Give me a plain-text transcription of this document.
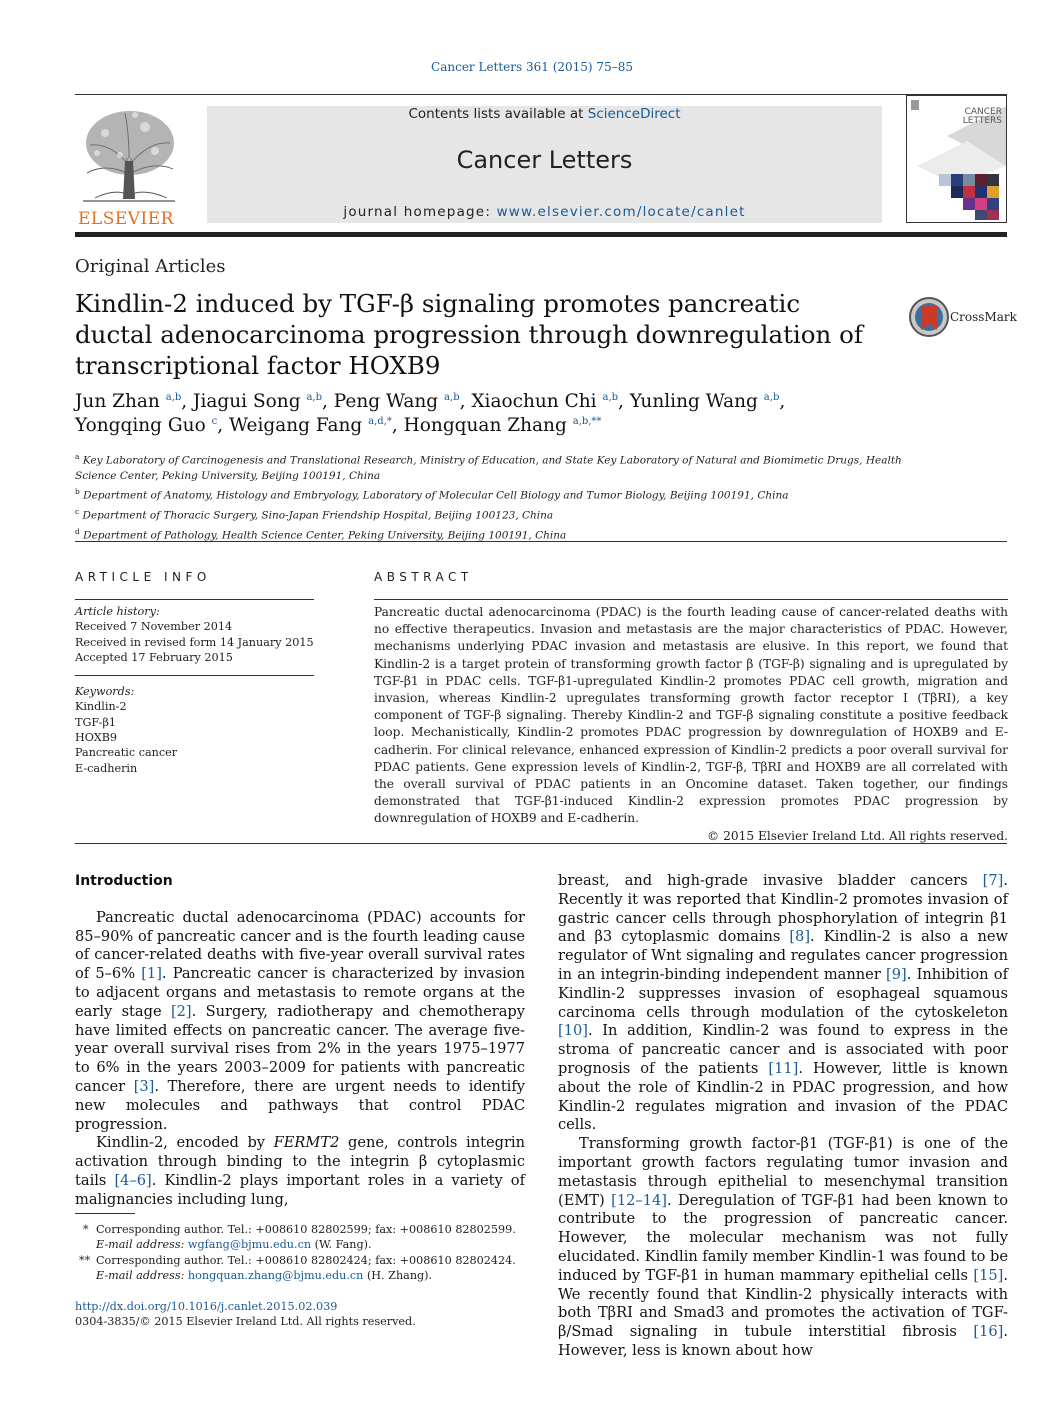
Cancer Letters 361 (2015) 75–85
ELSEVIER
Contents lists available at ScienceDirect
Cancer Letters
journal homepage: www.elsevier.com/locate/canlet
CANCER
LETTERS
Original Articles
Kindlin-2 induced by TGF-β signaling promotes pancreatic ductal adenocarcinoma progression through downregulation of transcriptional factor HOXB9
CrossMark
Jun Zhan $^{a,b}$, Jiagui Song $^{a,b}$, Peng Wang $^{a,b}$, Xiaochun Chi $^{a,b}$, Yunling Wang $^{a,b}$,
Yongqing Guo $^c$, Weigang Fang $^{a,d,*}$, Hongquan Zhang $^{a,b,**}$
$^a$ Key Laboratory of Carcinogenesis and Translational Research, Ministry of Education, and State Key Laboratory of Natural and Biomimetic Drugs, Health Science Center, Peking University, Beijing 100191, China
$^b$ Department of Anatomy, Histology and Embryology, Laboratory of Molecular Cell Biology and Tumor Biology, Beijing 100191, China
$^c$ Department of Thoracic Surgery, Sino-Japan Friendship Hospital, Beijing 100123, China
$^d$ Department of Pathology, Health Science Center, Peking University, Beijing 100191, China
ARTICLE INFO	ABSTRACT
Article history:
Received 7 November 2014
Received in revised form 14 January 2015
Accepted 17 February 2015
Keywords:
Kindlin-2
TGF-β1
HOXB9
Pancreatic cancer
E-cadherin
Pancreatic ductal adenocarcinoma (PDAC) is the fourth leading cause of cancer-related deaths with no effective therapeutics. Invasion and metastasis are the major characteristics of PDAC. However, mechanisms underlying PDAC invasion and metastasis are elusive. In this report, we found that Kindlin-2 is a target protein of transforming growth factor β (TGF-β) signaling and is upregulated by TGF-β1 in PDAC cells. TGF-β1-upregulated Kindlin-2 promotes PDAC cell growth, migration and invasion, whereas Kindlin-2 upregulates transforming growth factor receptor I (TβRI), a key component of TGF-β signaling. Thereby Kindlin-2 and TGF-β signaling constitute a positive feedback loop. Mechanistically, Kindlin-2 promotes PDAC progression by downregulation of HOXB9 and E-cadherin. For clinical relevance, enhanced expression of Kindlin-2 predicts a poor overall survival for PDAC patients. Gene expression levels of Kindlin-2, TGF-β, TβRI and HOXB9 are all correlated with the overall survival of PDAC patients in an Oncomine dataset. Taken together, our findings demonstrated that TGF-β1-induced Kindlin-2 expression promotes PDAC progression by downregulation of HOXB9 and E-cadherin.
© 2015 Elsevier Ireland Ltd. All rights reserved.
Introduction

Pancreatic ductal adenocarcinoma (PDAC) accounts for 85–90% of pancreatic cancer and is the fourth leading cause of cancer-related deaths with five-year overall survival rates of 5–6% [1]. Pancreatic cancer is characterized by invasion to adjacent organs and metastasis to remote organs at the early stage [2]. Surgery, radiotherapy and chemotherapy have limited effects on pancreatic cancer. The average five-year overall survival rises from 2% in the years 1975–1977 to 6% in the years 2003–2009 for patients with pancreatic cancer [3]. Therefore, there are urgent needs to identify new molecules and pathways that control PDAC progression.

Kindlin-2, encoded by FERMT2 gene, controls integrin activation through binding to the integrin β cytoplasmic tails [4–6]. Kindlin-2 plays important roles in a variety of malignancies including lung,

breast, and high-grade invasive bladder cancers [7]. Recently it was reported that Kindlin-2 promotes invasion of gastric cancer cells through phosphorylation of integrin β1 and β3 cytoplasmic domains [8]. Kindlin-2 is also a new regulator of Wnt signaling and regulates cancer progression in an integrin-binding independent manner [9]. Inhibition of Kindlin-2 suppresses invasion of esophageal squamous carcinoma cells through modulation of the cytoskeleton [10]. In addition, Kindlin-2 was found to express in the stroma of pancreatic cancer and is associated with poor prognosis of the patients [11]. However, little is known about the role of Kindlin-2 in PDAC progression, and how Kindlin-2 regulates migration and invasion of the PDAC cells.

Transforming growth factor-β1 (TGF-β1) is one of the important growth factors regulating tumor invasion and metastasis through epithelial to mesenchymal transition (EMT) [12–14]. Deregulation of TGF-β1 had been known to contribute to the progression of pancreatic cancer. However, the molecular mechanism was not fully elucidated. Kindlin family member Kindlin-1 was found to be induced by TGF-β1 in human mammary epithelial cells [15]. We recently found that Kindlin-2 physically interacts with both TβRI and Smad3 and promotes the activation of TGF-β/Smad signaling in tubule interstitial fibrosis [16]. However, less is known about how

* Corresponding author. Tel.: +008610 82802599; fax: +008610 82802599.
E-mail address: wgfang@bjmu.edu.cn (W. Fang).
** Corresponding author. Tel.: +008610 82802424; fax: +008610 82802424.
E-mail address: hongquan.zhang@bjmu.edu.cn (H. Zhang).
http://dx.doi.org/10.1016/j.canlet.2015.02.039
0304-3835/© 2015 Elsevier Ireland Ltd. All rights reserved.
